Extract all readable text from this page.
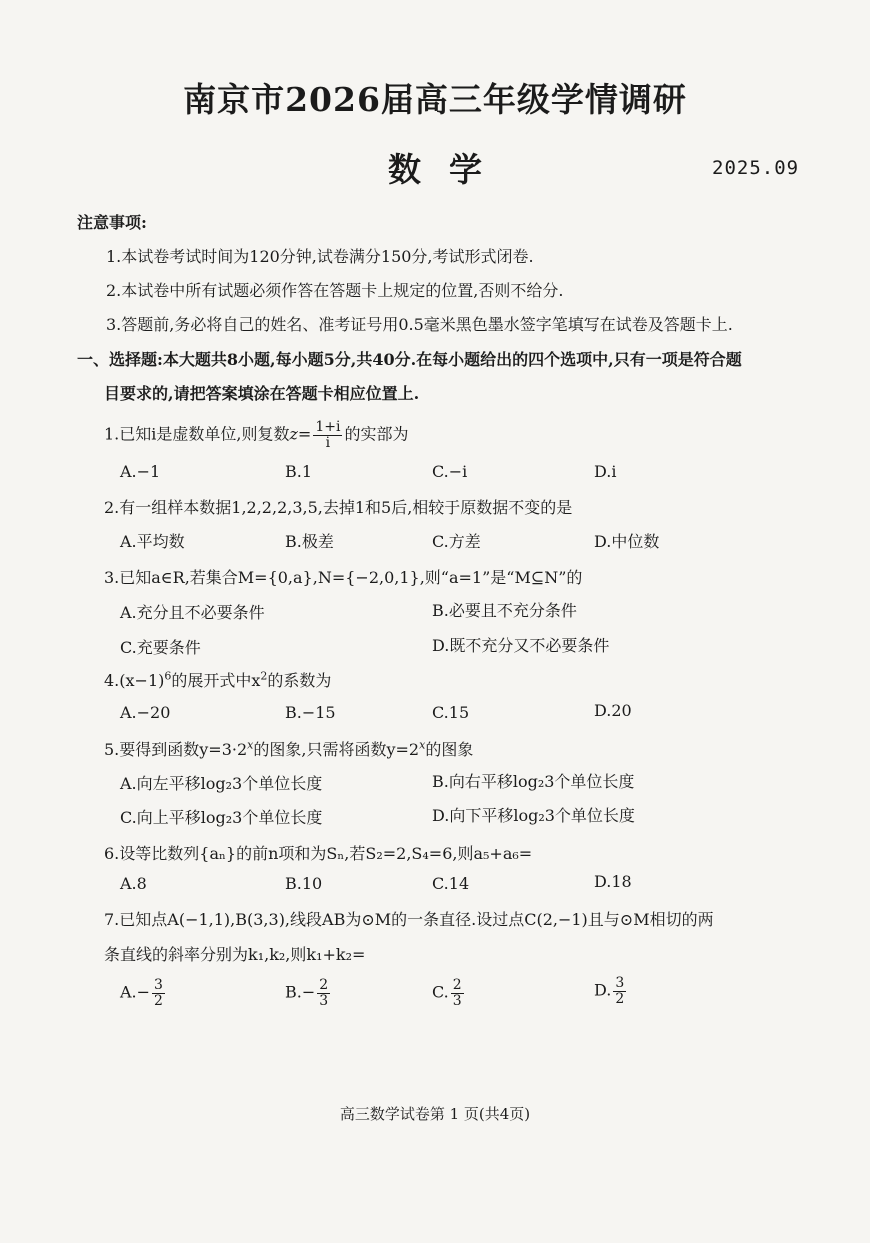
南京市2026届高三年级学情调研
数学	2025.09
注意事项:
1.本试卷考试时间为120分钟,试卷满分150分,考试形式闭卷.
2.本试卷中所有试题必须作答在答题卡上规定的位置,否则不给分.
3.答题前,务必将自己的姓名、准考证号用0.5毫米黑色墨水签字笔填写在试卷及答题卡上.
一、选择题:本大题共8小题,每小题5分,共40分.在每小题给出的四个选项中,只有一项是符合题
目要求的,请把答案填涂在答题卡相应位置上.
1.已知i是虚数单位,则复数$z= \frac{1+i}{i}$ 的实部为
A.−1	B.1	C.−i	D.i
2.有一组样本数据1,2,2,2,3,5,去掉1和5后,相较于原数据不变的是
A.平均数	B.极差	C.方差	D.中位数
3.已知a∈R,若集合M={0,a},N={−2,0,1},则“a=1”是“M⊆N”的
A.充分且不必要条件	B.必要且不充分条件
C.充要条件	D.既不充分又不必要条件
$4.(x-1)^6$的展开式中$x^2$的系数为
A.−20	B.−15	C.15	D.20
5.要得到函数$y=3\cdot 2^x$的图象,只需将函数$y=2^x$的图象
A.向左平移log₂3个单位长度	B.向右平移log₂3个单位长度
C.向上平移log₂3个单位长度	D.向下平移log₂3个单位长度
6.设等比数列{aₙ}的前n项和为Sₙ,若S₂=2,S₄=6,则a₅+a₆=
A.8	B.10	C.14	D.18
7.已知点A(−1,1),B(3,3),线段AB为⊙M的一条直径.设过点C(2,−1)且与⊙M相切的两
条直线的斜率分别为k₁,k₂,则k₁+k₂=
$A.- \frac{3}{2}$	$B.- \frac{2}{3}$	C. $\frac{2}{3}$	D. $\frac{3}{2}$
高三数学试卷第 1 页(共4页)
